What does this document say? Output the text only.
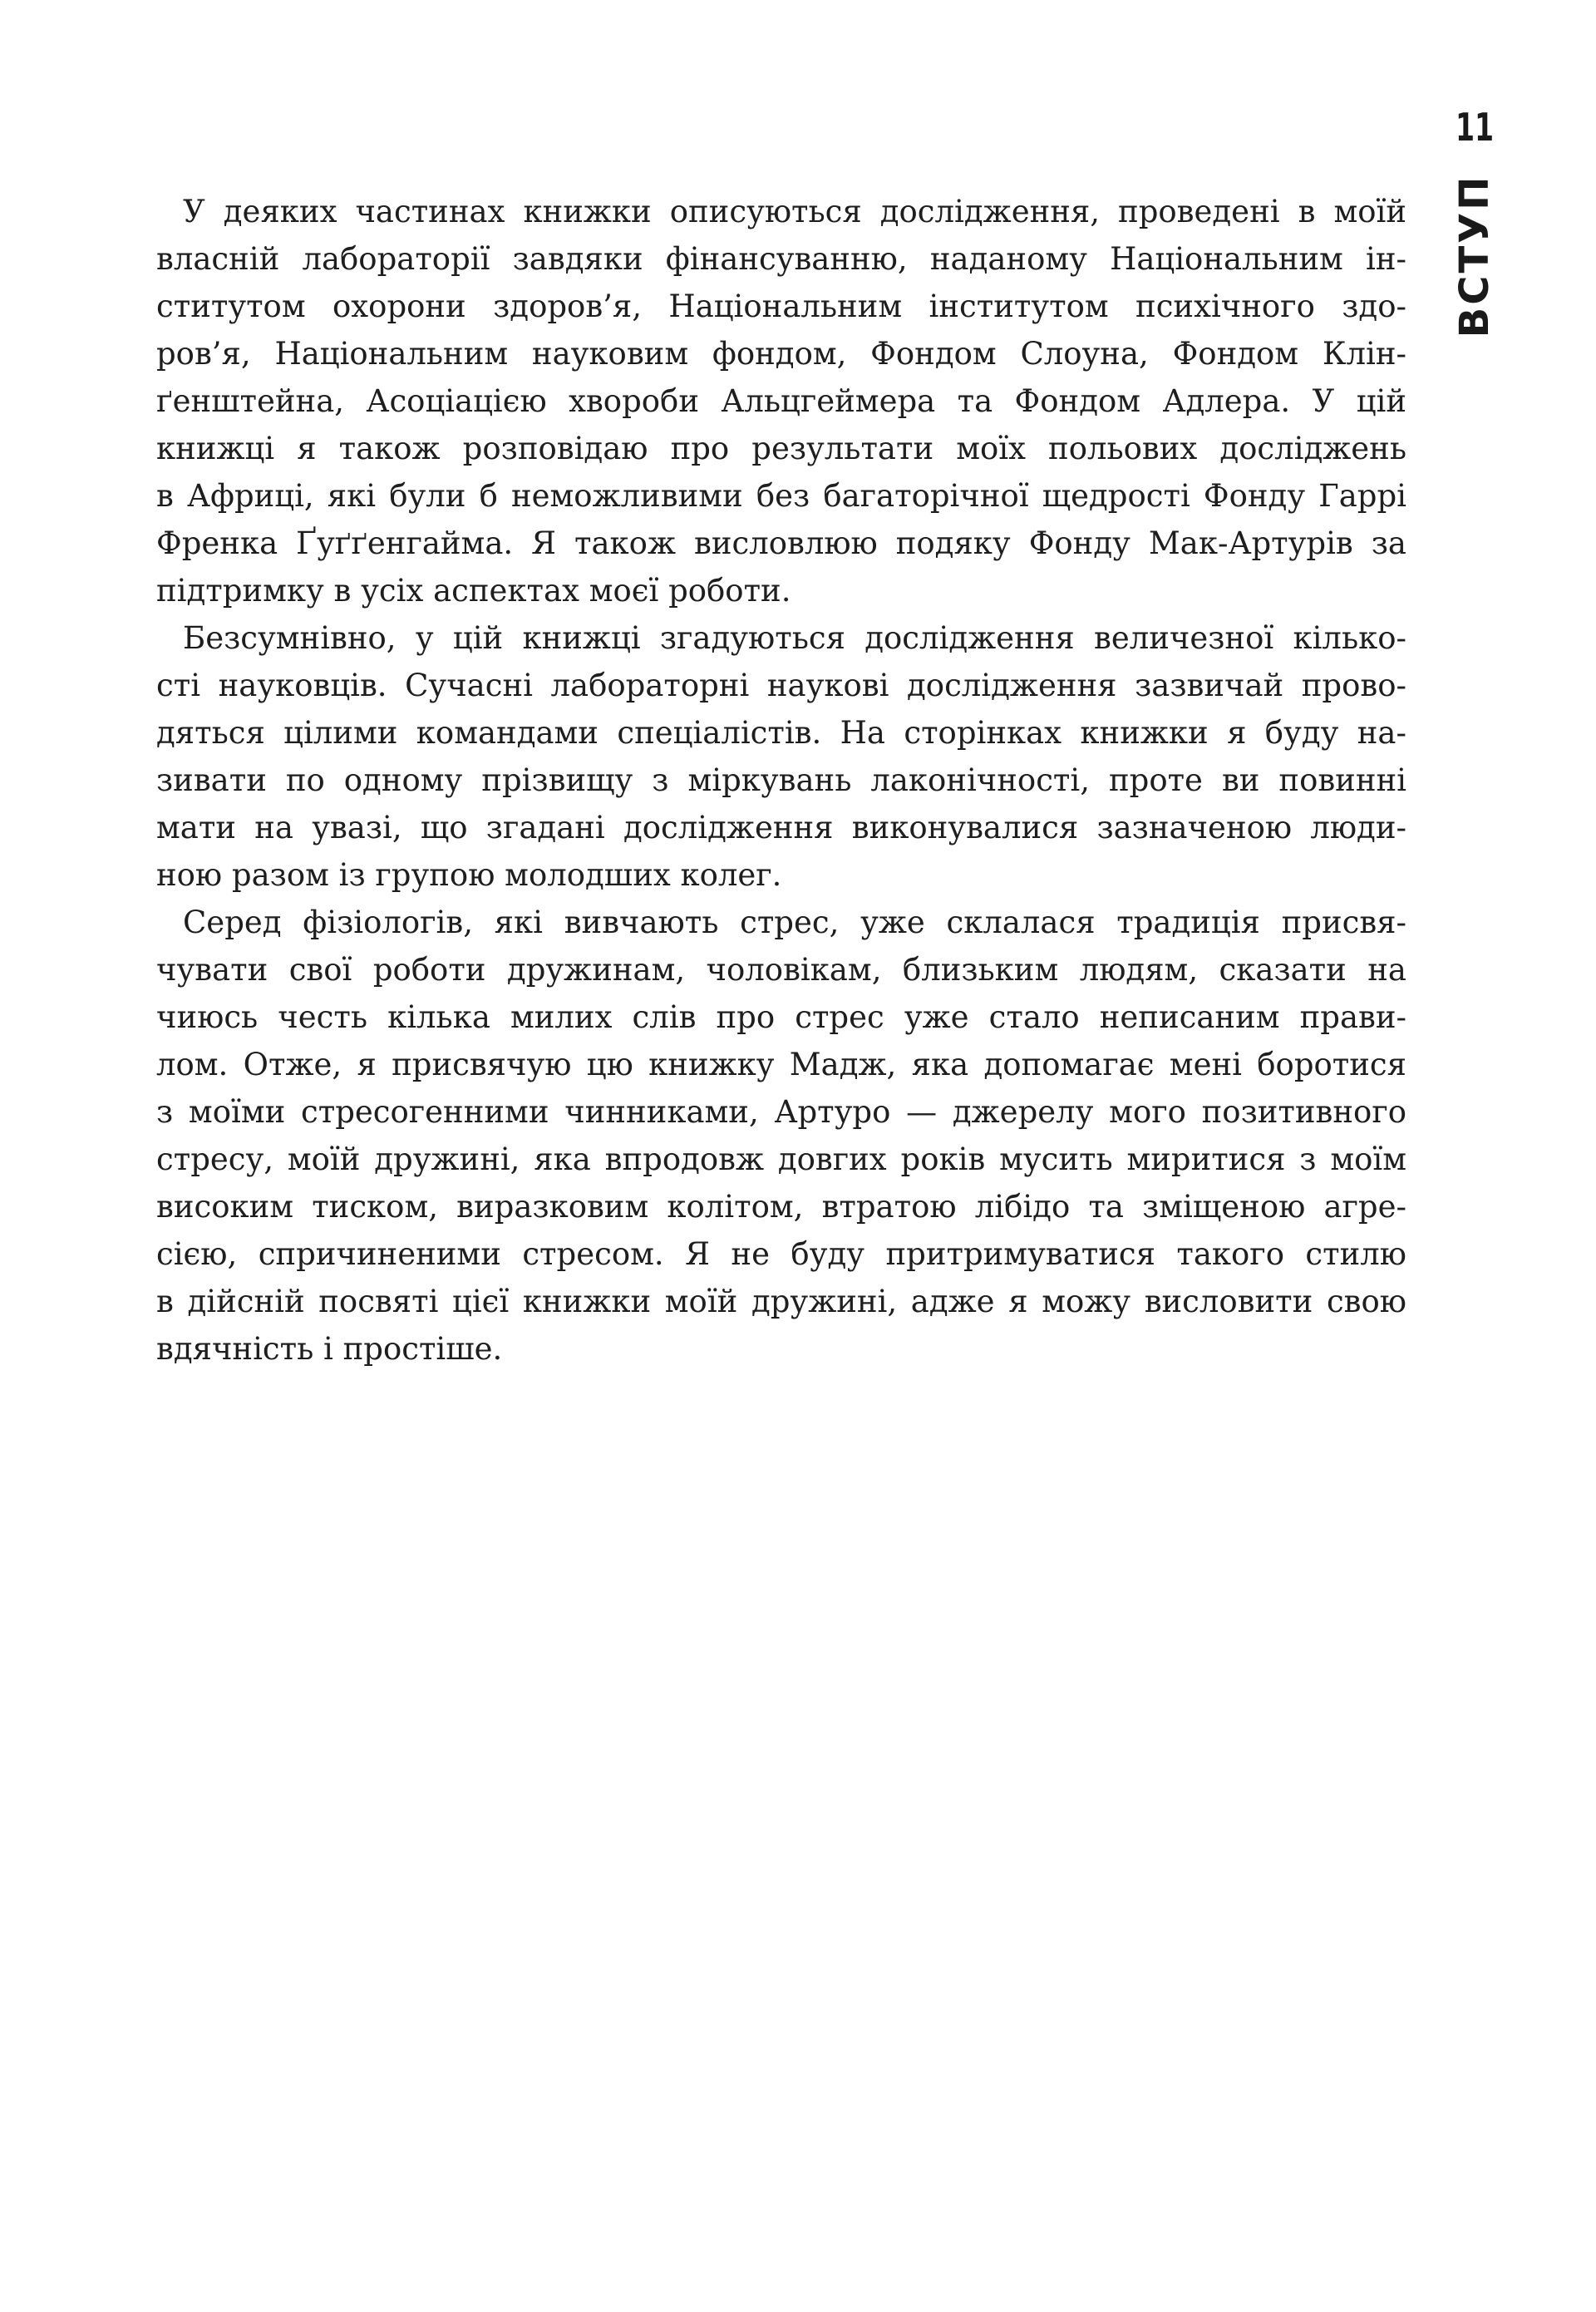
11
ВСТУП
У деяких частинах книжки описуються дослідження, проведені в моїй
власній лабораторії завдяки фінансуванню, наданому Національним ін-
ститутом охорони здоров’я, Національним інститутом психічного здо-
ров’я, Національним науковим фондом, Фондом Слоуна, Фондом Клін-
ґенштейна, Асоціацією хвороби Альцгеймера та Фондом Адлера. У цій
книжці я також розповідаю про результати моїх польових досліджень
в Африці, які були б неможливими без багаторічної щедрості Фонду Гаррі
Френка Ґуґґенгайма. Я також висловлюю подяку Фонду Мак-Артурів за
підтримку в усіх аспектах моєї роботи.
Безсумнівно, у цій книжці згадуються дослідження величезної кілько-
сті науковців. Сучасні лабораторні наукові дослідження зазвичай прово-
дяться цілими командами спеціалістів. На сторінках книжки я буду на-
зивати по одному прізвищу з міркувань лаконічності, проте ви повинні
мати на увазі, що згадані дослідження виконувалися зазначеною люди-
ною разом із групою молодших колег.
Серед фізіологів, які вивчають стрес, уже склалася традиція присвя-
чувати свої роботи дружинам, чоловікам, близьким людям, сказати на
чиюсь честь кілька милих слів про стрес уже стало неписаним прави-
лом. Отже, я присвячую цю книжку Мадж, яка допомагає мені боротися
з моїми стресогенними чинниками, Артуро — джерелу мого позитивного
стресу, моїй дружині, яка впродовж довгих років мусить миритися з моїм
високим тиском, виразковим колітом, втратою лібідо та зміщеною агре-
сією, спричиненими стресом. Я не буду притримуватися такого стилю
в дійсній посвяті цієї книжки моїй дружині, адже я можу висловити свою
вдячність і простіше.
